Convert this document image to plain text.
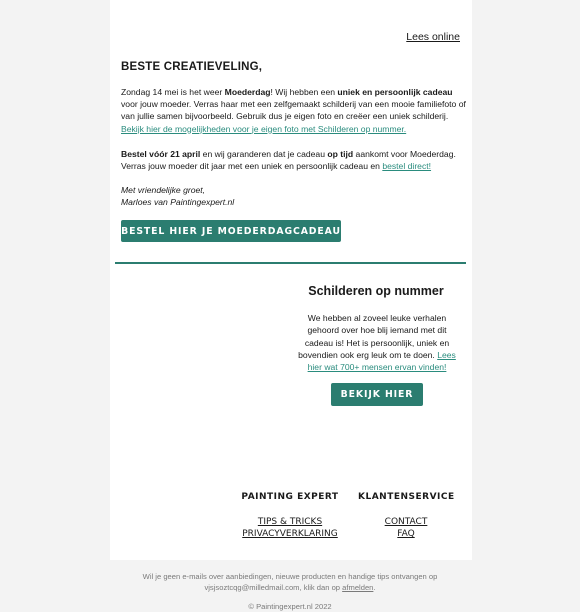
Lees online
BESTE CREATIEVELING,
Zondag 14 mei is het weer Moederdag! Wij hebben een uniek en persoonlijk cadeau voor jouw moeder. Verras haar met een zelfgemaakt schilderij van een mooie familiefoto of van jullie samen bijvoorbeeld. Gebruik dus je eigen foto en creëer een uniek schilderij. Bekijk hier de mogelijkheden voor je eigen foto met Schilderen op nummer.
Bestel vóór 21 april en wij garanderen dat je cadeau op tijd aankomt voor Moederdag. Verras jouw moeder dit jaar met een uniek en persoonlijk cadeau en bestel direct!
Met vriendelijke groet,
Marloes van Paintingexpert.nl
BESTEL HIER JE MOEDERDAGCADEAU
Schilderen op nummer
We hebben al zoveel leuke verhalen gehoord over hoe blij iemand met dit cadeau is! Het is persoonlijk, uniek en bovendien ook erg leuk om te doen. Lees hier wat 700+ mensen ervan vinden!
BEKIJK HIER
PAINTING EXPERT
TIPS & TRICKS
PRIVACYVERKLARING
KLANTENSERVICE
CONTACT
FAQ
Wil je geen e-mails over aanbiedingen, nieuwe producten en handige tips ontvangen op vjsjsoztcqg@milledmail.com, klik dan op afmelden.
© Paintingexpert.nl 2022
